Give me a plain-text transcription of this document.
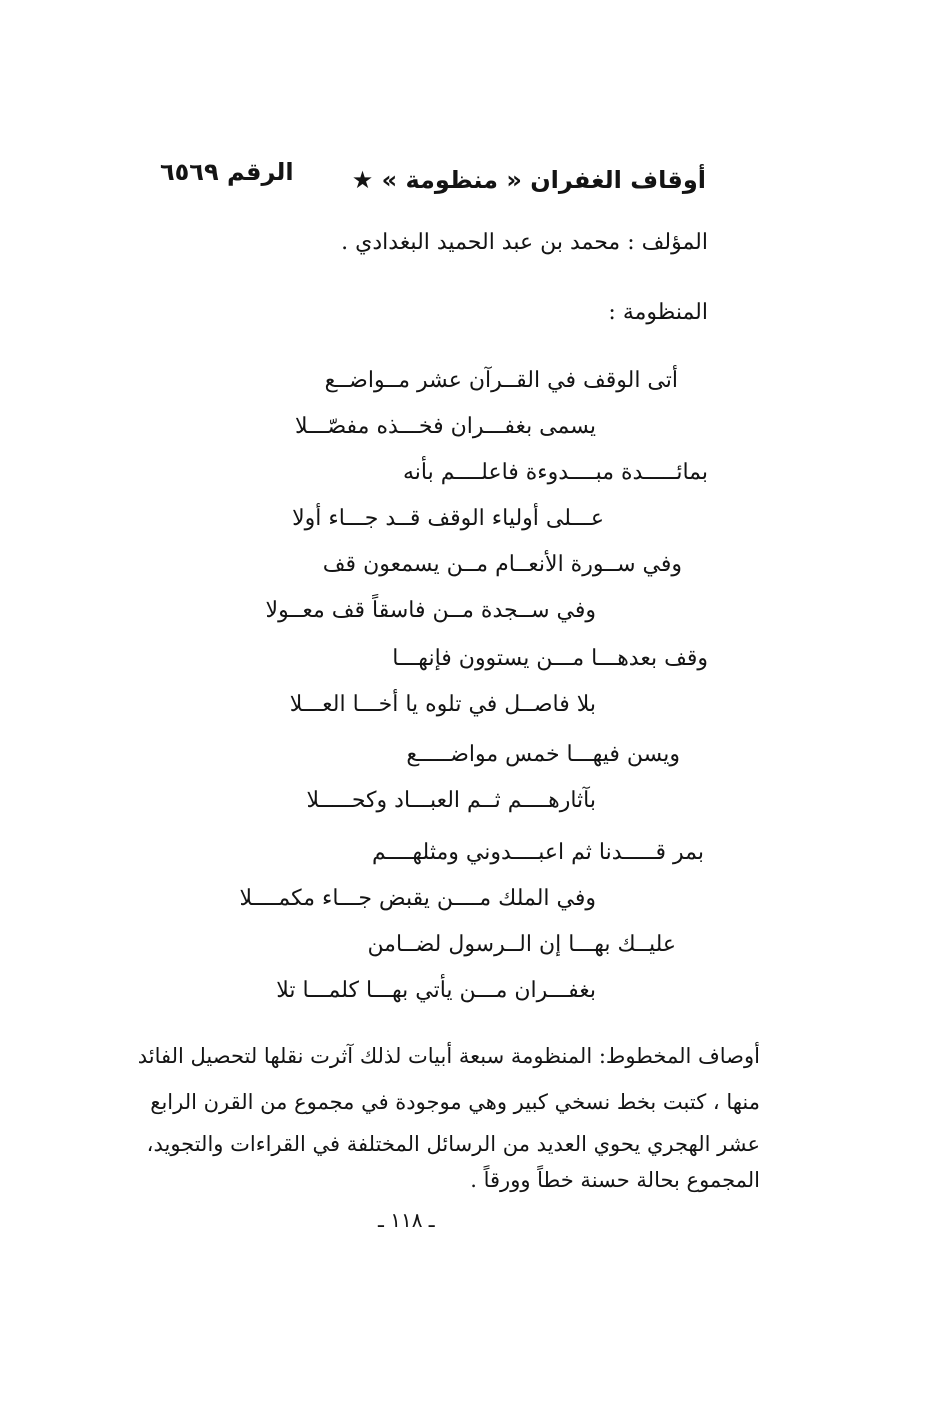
أوقاف الغفران « منظومة » ★
الرقم ٦٥٦٩
المؤلف : محمد بن عبد الحميد البغدادي .
المنظومة :
أتى الوقف في القــرآن عشر مــواضــع
يسمى بغفـــران فخـــذه مفصّـــلا
بمائـــــدة مبــــدوءة فاعلــــم بأنه
عـــلى أولياء الوقف قــد جـــاء أولا
وفي ســورة الأنعــام مــن يسمعون قف
وفي ســجدة مــن فاسقاً قف معــولا
وقف بعدهـــا مـــن يستوون فإنهـــا
بلا فاصــل في تلوه يا أخـــا العـــلا
ويسن فيهـــا خمس مواضـــــع
بآثارهــــم ثــم العبـــاد وكحـــــلا
بمر قـــــدنا ثم اعبــــدوني ومثلهــــم
وفي الملك مــــن يقبض جـــاء مكمــــلا
عليــك بهـــا إن الــرسول لضــامن
بغفـــران مـــن يأتي بهـــا كلمـــا تلا
أوصاف المخطوط: المنظومة سبعة أبيات لذلك آثرت نقلها لتحصيل الفائد
منها ، كتبت بخط نسخي كبير وهي موجودة في مجموع من القرن الرابع
عشر الهجري يحوي العديد من الرسائل المختلفة في القراءات والتجويد،
المجموع بحالة حسنة خطاً وورقاً .
ـ ١١٨ ـ
